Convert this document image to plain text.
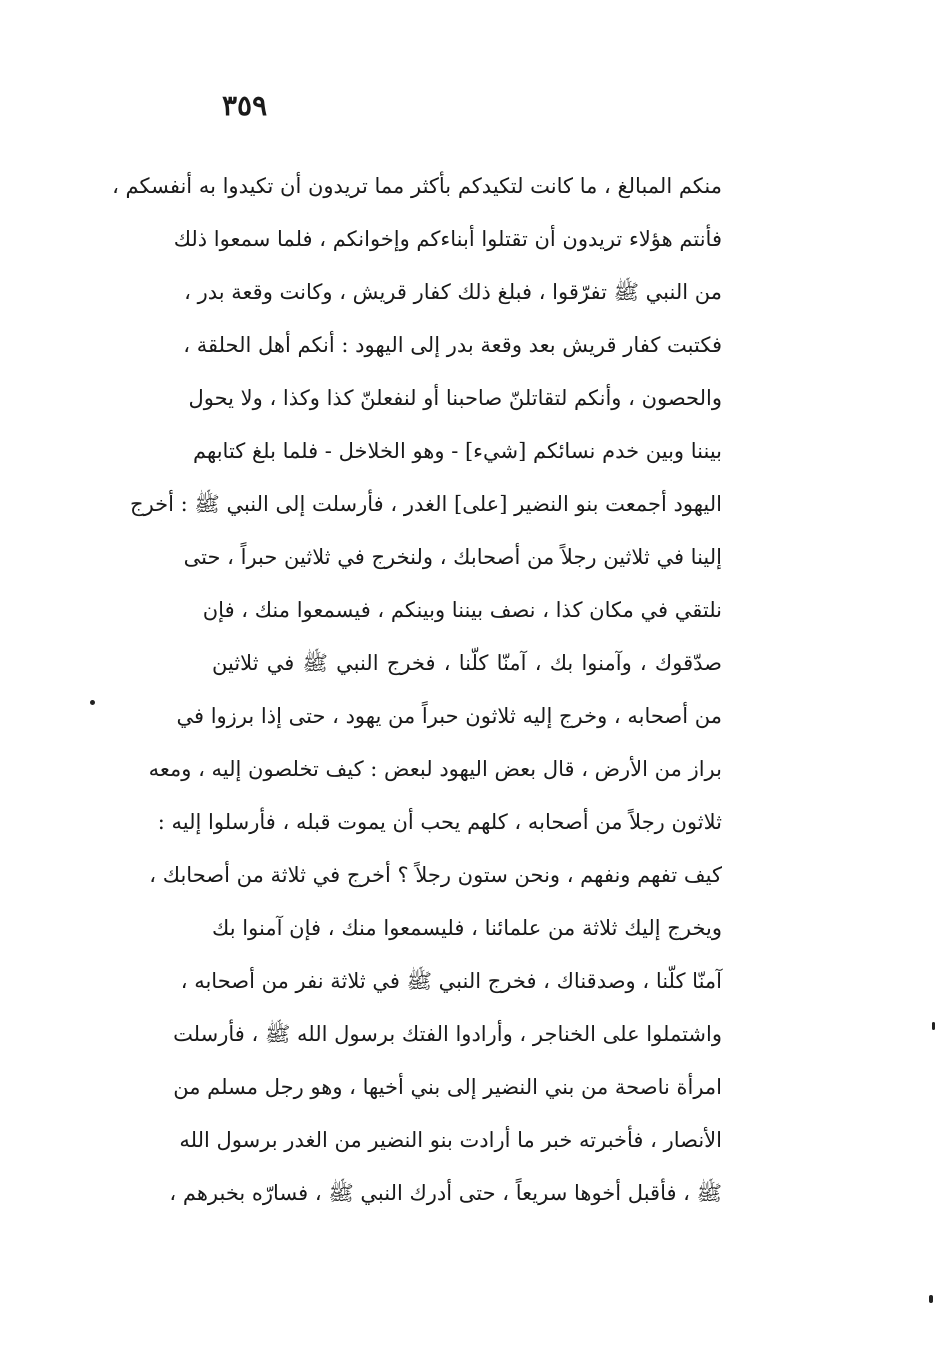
٣٥٩
منكم المبالغ ، ما كانت لتكيدكم بأكثر مما تريدون أن تكيدوا به أنفسكم ،
فأنتم هؤلاء تريدون أن تقتلوا أبناءكم وإخوانكم ، فلما سمعوا ذلك
من النبي ﷺ تفرّقوا ، فبلغ ذلك كفار قريش ، وكانت وقعة بدر ،
فكتبت كفار قريش بعد وقعة بدر إلى اليهود : أنكم أهل الحلقة ،
والحصون ، وأنكم لتقاتلنّ صاحبنا أو لنفعلنّ كذا وكذا ، ولا يحول
بيننا وبين خدم نسائكم [شيء] - وهو الخلاخل - فلما بلغ كتابهم
اليهود أجمعت بنو النضير [على] الغدر ، فأرسلت إلى النبي ﷺ : أخرج
إلينا في ثلاثين رجلاً من أصحابك ، ولنخرج في ثلاثين حبراً ، حتى
نلتقي في مكان كذا ، نصف بيننا وبينكم ، فيسمعوا منك ، فإن
صدّقوك ، وآمنوا بك ، آمنّا كلّنا ، فخرج النبي ﷺ في ثلاثين
من أصحابه ، وخرج إليه ثلاثون حبراً من يهود ، حتى إذا برزوا في
براز من الأرض ، قال بعض اليهود لبعض : كيف تخلصون إليه ، ومعه
ثلاثون رجلاً من أصحابه ، كلهم يحب أن يموت قبله ، فأرسلوا إليه :
كيف تفهم ونفهم ، ونحن ستون رجلاً ؟ أخرج في ثلاثة من أصحابك ،
ويخرج إليك ثلاثة من علمائنا ، فليسمعوا منك ، فإن آمنوا بك
آمنّا كلّنا ، وصدقناك ، فخرج النبي ﷺ في ثلاثة نفر من أصحابه ،
واشتملوا على الخناجر ، وأرادوا الفتك برسول الله ﷺ ، فأرسلت
امرأة ناصحة من بني النضير إلى بني أخيها ، وهو رجل مسلم من
الأنصار ، فأخبرته خبر ما أرادت بنو النضير من الغدر برسول الله
ﷺ ، فأقبل أخوها سريعاً ، حتى أدرك النبي ﷺ ، فسارّه بخبرهم ،
